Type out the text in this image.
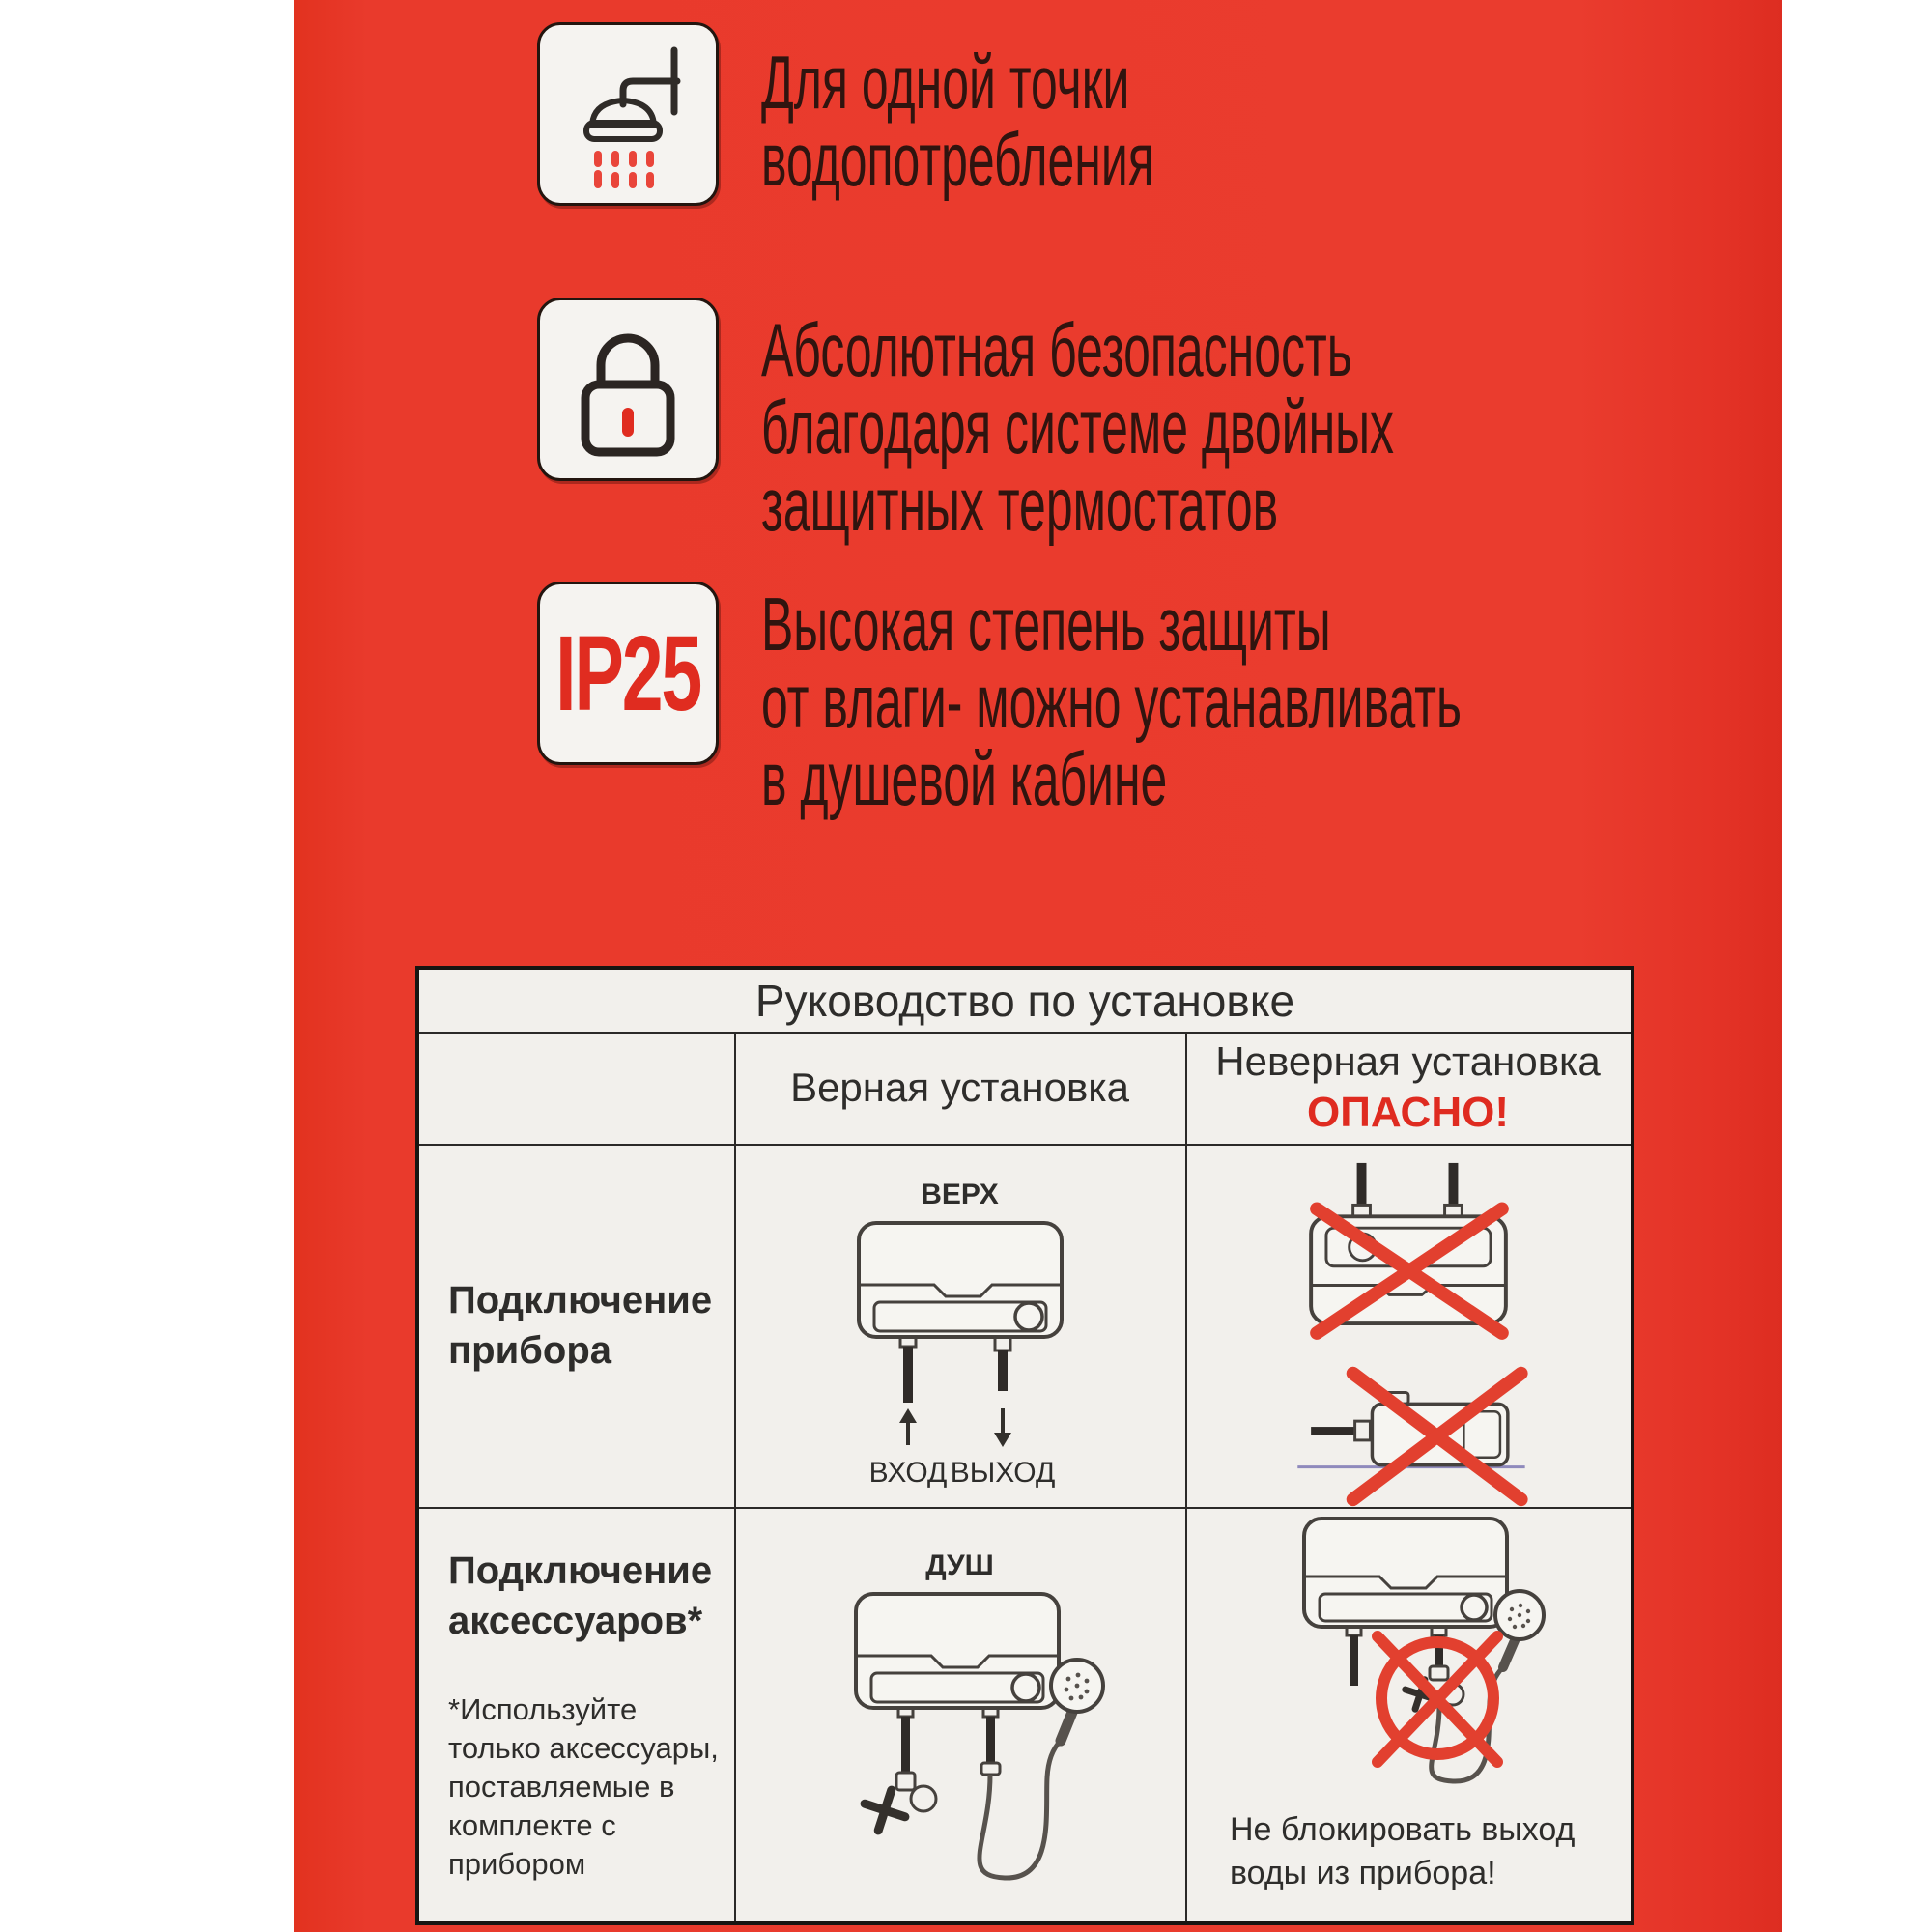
Для одной точки
водопотребления
Абсолютная безопасность
благодаря системе двойных
защитных термостатов
IP25 Высокая степень защиты
от влаги- можно устанавливать
в душевой кабине
Руководство по установке
Верная установка
Неверная установка
ОПАСНО!
Подключение прибора
ВЕРХ
ВХОД ВЫХОД
Подключение аксессуаров*
*Используйте только аксессуары, поставляемые в комплекте с прибором
ДУШ
Не блокировать выход
воды из прибора!
